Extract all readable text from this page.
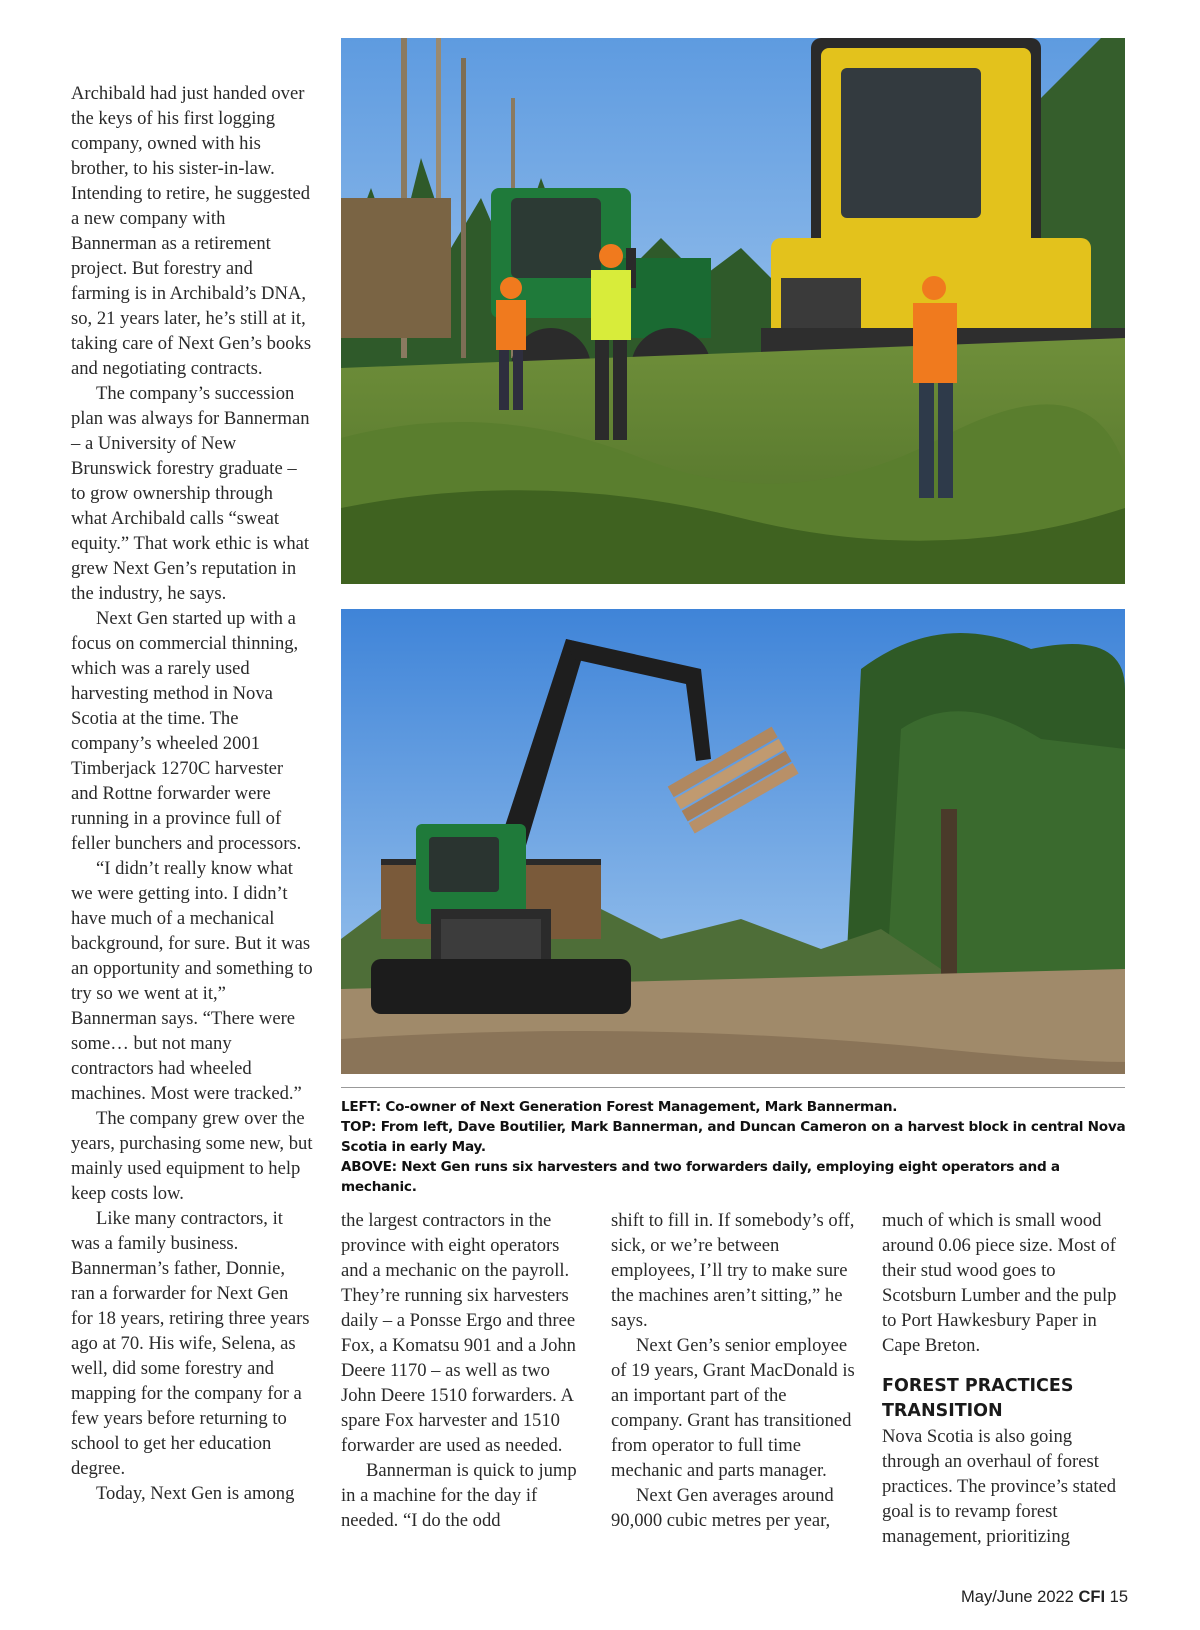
Archibald had just handed over the keys of his first logging company, owned with his brother, to his sister-in-law. Intending to retire, he suggested a new company with Bannerman as a retirement project. But forestry and farming is in Archibald’s DNA, so, 21 years later, he’s still at it, taking care of Next Gen’s books and negotiating contracts.

The company’s succession plan was always for Bannerman – a University of New Brunswick forestry graduate – to grow ownership through what Archibald calls “sweat equity.” That work ethic is what grew Next Gen’s reputation in the industry, he says.

Next Gen started up with a focus on commercial thinning, which was a rarely used harvesting method in Nova Scotia at the time. The company’s wheeled 2001 Timberjack 1270C harvester and Rottne forwarder were running in a province full of feller bunchers and processors.

“I didn’t really know what we were getting into. I didn’t have much of a mechanical background, for sure. But it was an opportunity and something to try so we went at it,” Bannerman says. “There were some… but not many contractors had wheeled machines. Most were tracked.”

The company grew over the years, purchasing some new, but mainly used equipment to help keep costs low.

Like many contractors, it was a family business. Bannerman’s father, Donnie, ran a forwarder for Next Gen for 18 years, retiring three years ago at 70. His wife, Selena, as well, did some forestry and mapping for the company for a few years before returning to school to get her education degree.

Today, Next Gen is among

LEFT: Co-owner of Next Generation Forest Management, Mark Bannerman.
TOP: From left, Dave Boutilier, Mark Bannerman, and Duncan Cameron on a harvest block in central Nova Scotia in early May.
ABOVE: Next Gen runs six harvesters and two forwarders daily, employing eight operators and a mechanic.

the largest contractors in the province with eight operators and a mechanic on the payroll. They’re running six harvesters daily – a Ponsse Ergo and three Fox, a Komatsu 901 and a John Deere 1170 – as well as two John Deere 1510 forwarders. A spare Fox harvester and 1510 forwarder are used as needed.

Bannerman is quick to jump in a machine for the day if needed. “I do the odd

shift to fill in. If somebody’s off, sick, or we’re between employees, I’ll try to make sure the machines aren’t sitting,” he says.

Next Gen’s senior employee of 19 years, Grant MacDonald is an important part of the company. Grant has transitioned from operator to full time mechanic and parts manager.

Next Gen averages around 90,000 cubic metres per year,

much of which is small wood around 0.06 piece size. Most of their stud wood goes to Scotsburn Lumber and the pulp to Port Hawkesbury Paper in Cape Breton.

FOREST PRACTICES TRANSITION

Nova Scotia is also going through an overhaul of forest practices. The province’s stated goal is to revamp forest management, prioritizing

May/June 2022 CFI 15
